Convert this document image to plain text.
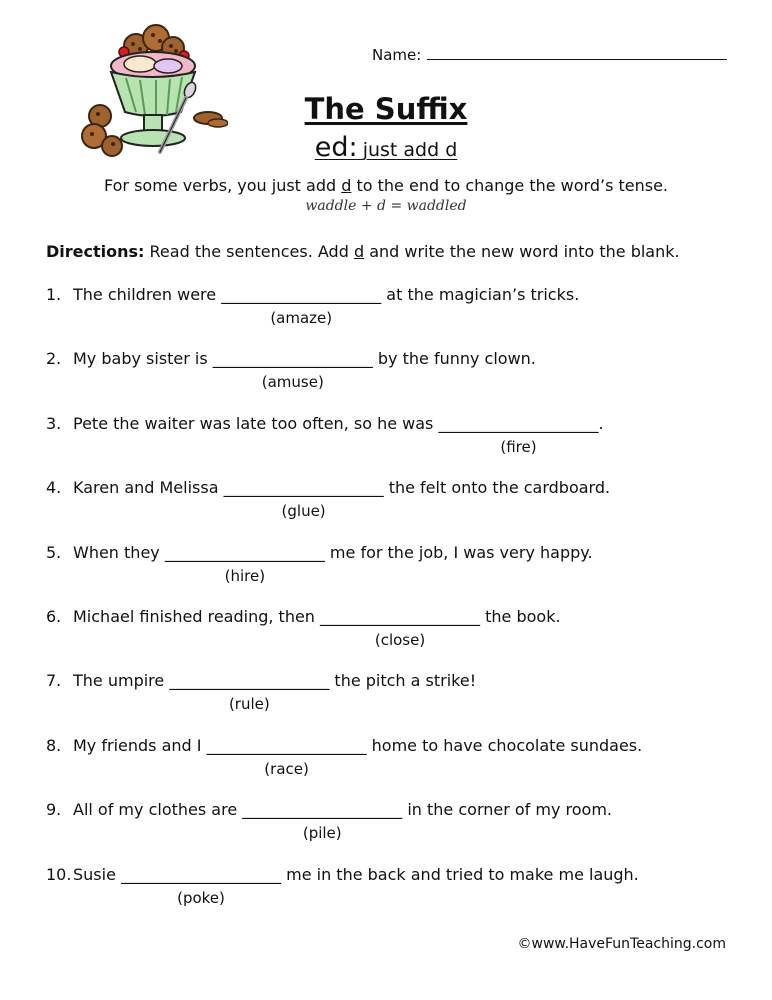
Name:
The Suffix
ed: just add d
For some verbs, you just add d to the end to change the word’s tense.
waddle + d = waddled
Directions: Read the sentences. Add d and write the new word into the blank.
1. The children were ____________________ at the magician’s tricks.
(amaze)
2. My baby sister is ____________________ by the funny clown.
(amuse)
3. Pete the waiter was late too often, so he was ____________________.
(fire)
4. Karen and Melissa ____________________ the felt onto the cardboard.
(glue)
5. When they ____________________ me for the job, I was very happy.
(hire)
6. Michael finished reading, then ____________________ the book.
(close)
7. The umpire ____________________ the pitch a strike!
(rule)
8. My friends and I ____________________ home to have chocolate sundaes.
(race)
9. All of my clothes are ____________________ in the corner of my room.
(pile)
10.Susie ____________________ me in the back and tried to make me laugh.
(poke)
©www.HaveFunTeaching.com
